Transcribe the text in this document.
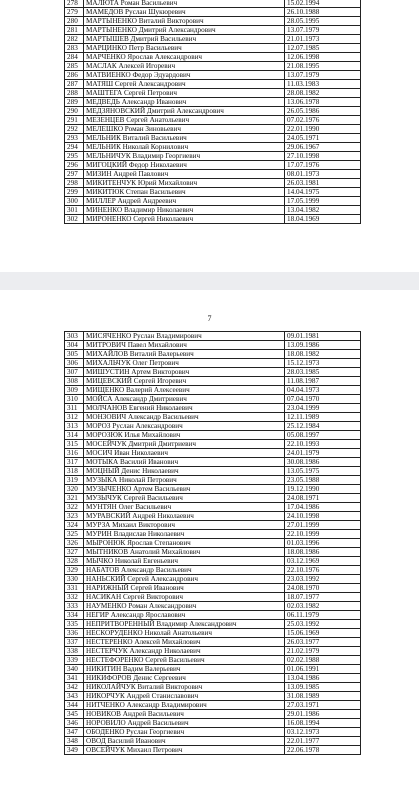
278	МАЛЮТА Роман Васильевич	15.02.1994
279	МАМЕДОВ Руслан Шукюревич	26.10.1988
280	МАРТЫНЕНКО Виталий Викторович	28.05.1995
281	МАРТЫНЕНКО Дмитрий Александрович	13.07.1979
282	МАРТЫШЕВ Дмитрий Васильевич	21.01.1973
283	МАРЦИНКО Петр Васильевич	12.07.1985
284	МАРЧЕНКО Ярослав Александрович	12.06.1998
285	МАСЛАК Алексей Игоревич	21.08.1995
286	МАТВИЕНКО Федор Эдуардович	13.07.1979
287	МАТЯШ Сергей Александрович	11.03.1983
288	МАШТЕГА Сергей Петрович	28.08.1982
289	МЕДВЕДЬ Александр Иванович	13.06.1978
290	МЕДЗЯНОВСКИЙ Дмитрий Александрович	26.05.1986
291	МЕЗЕНЦЕВ Сергей Анатольевич	07.02.1976
292	МЕЛЕШКО Роман Зиновьевич	22.01.1990
293	МЕЛЬНИК Виталий Васильевич	24.05.1971
294	МЕЛЬНИК Николай Корнилович	29.06.1967
295	МЕЛЬНИЧУК Владимир Георгиевич	27.10.1998
296	МИГОЦКИЙ Федор Николаевич	17.07.1976
297	МИЗИН Андрей Павлович	08.01.1973
298	МИКИТЕНЧУК Юрий Михайлович	26.03.1981
299	МИКИТЮК Степан Васильевич	14.04.1975
300	МИЛЛЕР Андрей Андреевич	17.05.1999
301	МИНЕНКО Владимир Николаевич	13.04.1982
302	МИРОНЕНКО Сергей Николаевич	18.04.1969
7
303	МИСЯЧЕНКО Руслан Владимирович	09.01.1981
304	МИТРОВИЧ Павел Михайлович	13.09.1986
305	МИХАЙЛОВ Виталий Валерьевич	18.08.1982
306	МИХАЛЬЧУК Олег Петрович	15.12.1973
307	МИШУСТИН Артем Викторович	28.03.1985
308	МИЦЕВСКИЙ Сергей Игоревич	11.08.1987
309	МИЩЕНКО Валерий Алексеевич	04.04.1973
310	МОЙСА Александр Дмитриевич	07.04.1970
311	МОЛЧАНОВ Евгений Николаевич	23.04.1999
312	МОНЗОВИЧ Александр Васильевич	12.11.1989
313	МОРОЗ Руслан Александрович	25.12.1984
314	МОРОЗЮК Илья Михайлович	05.08.1997
315	МОСЕЙЧУК Дмитрий Дмитриевич	22.10.1993
316	МОСИЧ Иван Николаевич	24.01.1979
317	МОТЫКА Василий Иванович	30.08.1986
318	МОЦНЫЙ Денис Николаевич	13.05.1975
319	МУЗЫКА Николай Петрович	23.05.1988
320	МУЗЫЧЕНКО Артем Васильевич	19.12.1990
321	МУЗЫЧУК Сергей Васильевич	24.08.1971
322	МУНТЯН Олег Васильевич	17.04.1986
323	МУРАВСКИЙ Андрей Николаевич	24.10.1998
324	МУРЗА Михаил Викторович	27.01.1999
325	МУРИН Владислав Николаевич	22.10.1999
326	МЫРОНЮК Ярослав Степанович	01.03.1996
327	МЫТНИКОВ Анатолий Михайлович	18.08.1986
328	МЫЧКО Николай Евгеньевич	03.12.1969
329	НАБАТОВ Александр Васильевич	22.10.1976
330	НАНЬСКИЙ Сергей Александрович	23.03.1992
331	НАРИЖНЫЙ Сергей Иванович	24.08.1970
332	НАСИКАН Сергей Викторович	18.07.1977
333	НАУМЕНКО Роман Александрович	02.03.1982
334	НЕГИР Александр Ярославович	06.11.1979
335	НЕПРИТВОРЕННЫЙ Владимир Александрович	25.03.1992
336	НЕСКОРУДЕНКО Николай Анатольевич	15.06.1969
337	НЕСТЕРЕНКО Алексей Михайлович	26.03.1977
338	НЕСТЕРЧУК Александр Николаевич	21.02.1979
339	НЕСТЕФОРЕНКО Сергей Васильевич	02.02.1988
340	НИКИТИН Вадим Валерьевич	01.06.1991
341	НИКИФОРОВ Денис Сергеевич	13.04.1986
342	НИКОЛАЙЧУК Виталий Викторович	13.09.1985
343	НИКОРЧУК Андрей Станиславович	31.08.1989
344	НИТЧЕНКО Александр Владимирович	27.03.1971
345	НОВИКОВ Андрей Васильевич	29.01.1986
346	НОРОВИЛО Андрей Васильевич	16.08.1994
347	ОБОДЕНКО Руслан Георгиевич	03.12.1973
348	ОВОД Василий Иванович	22.01.1977
349	ОВСЕЙЧУК Михаил Петрович	22.06.1978
